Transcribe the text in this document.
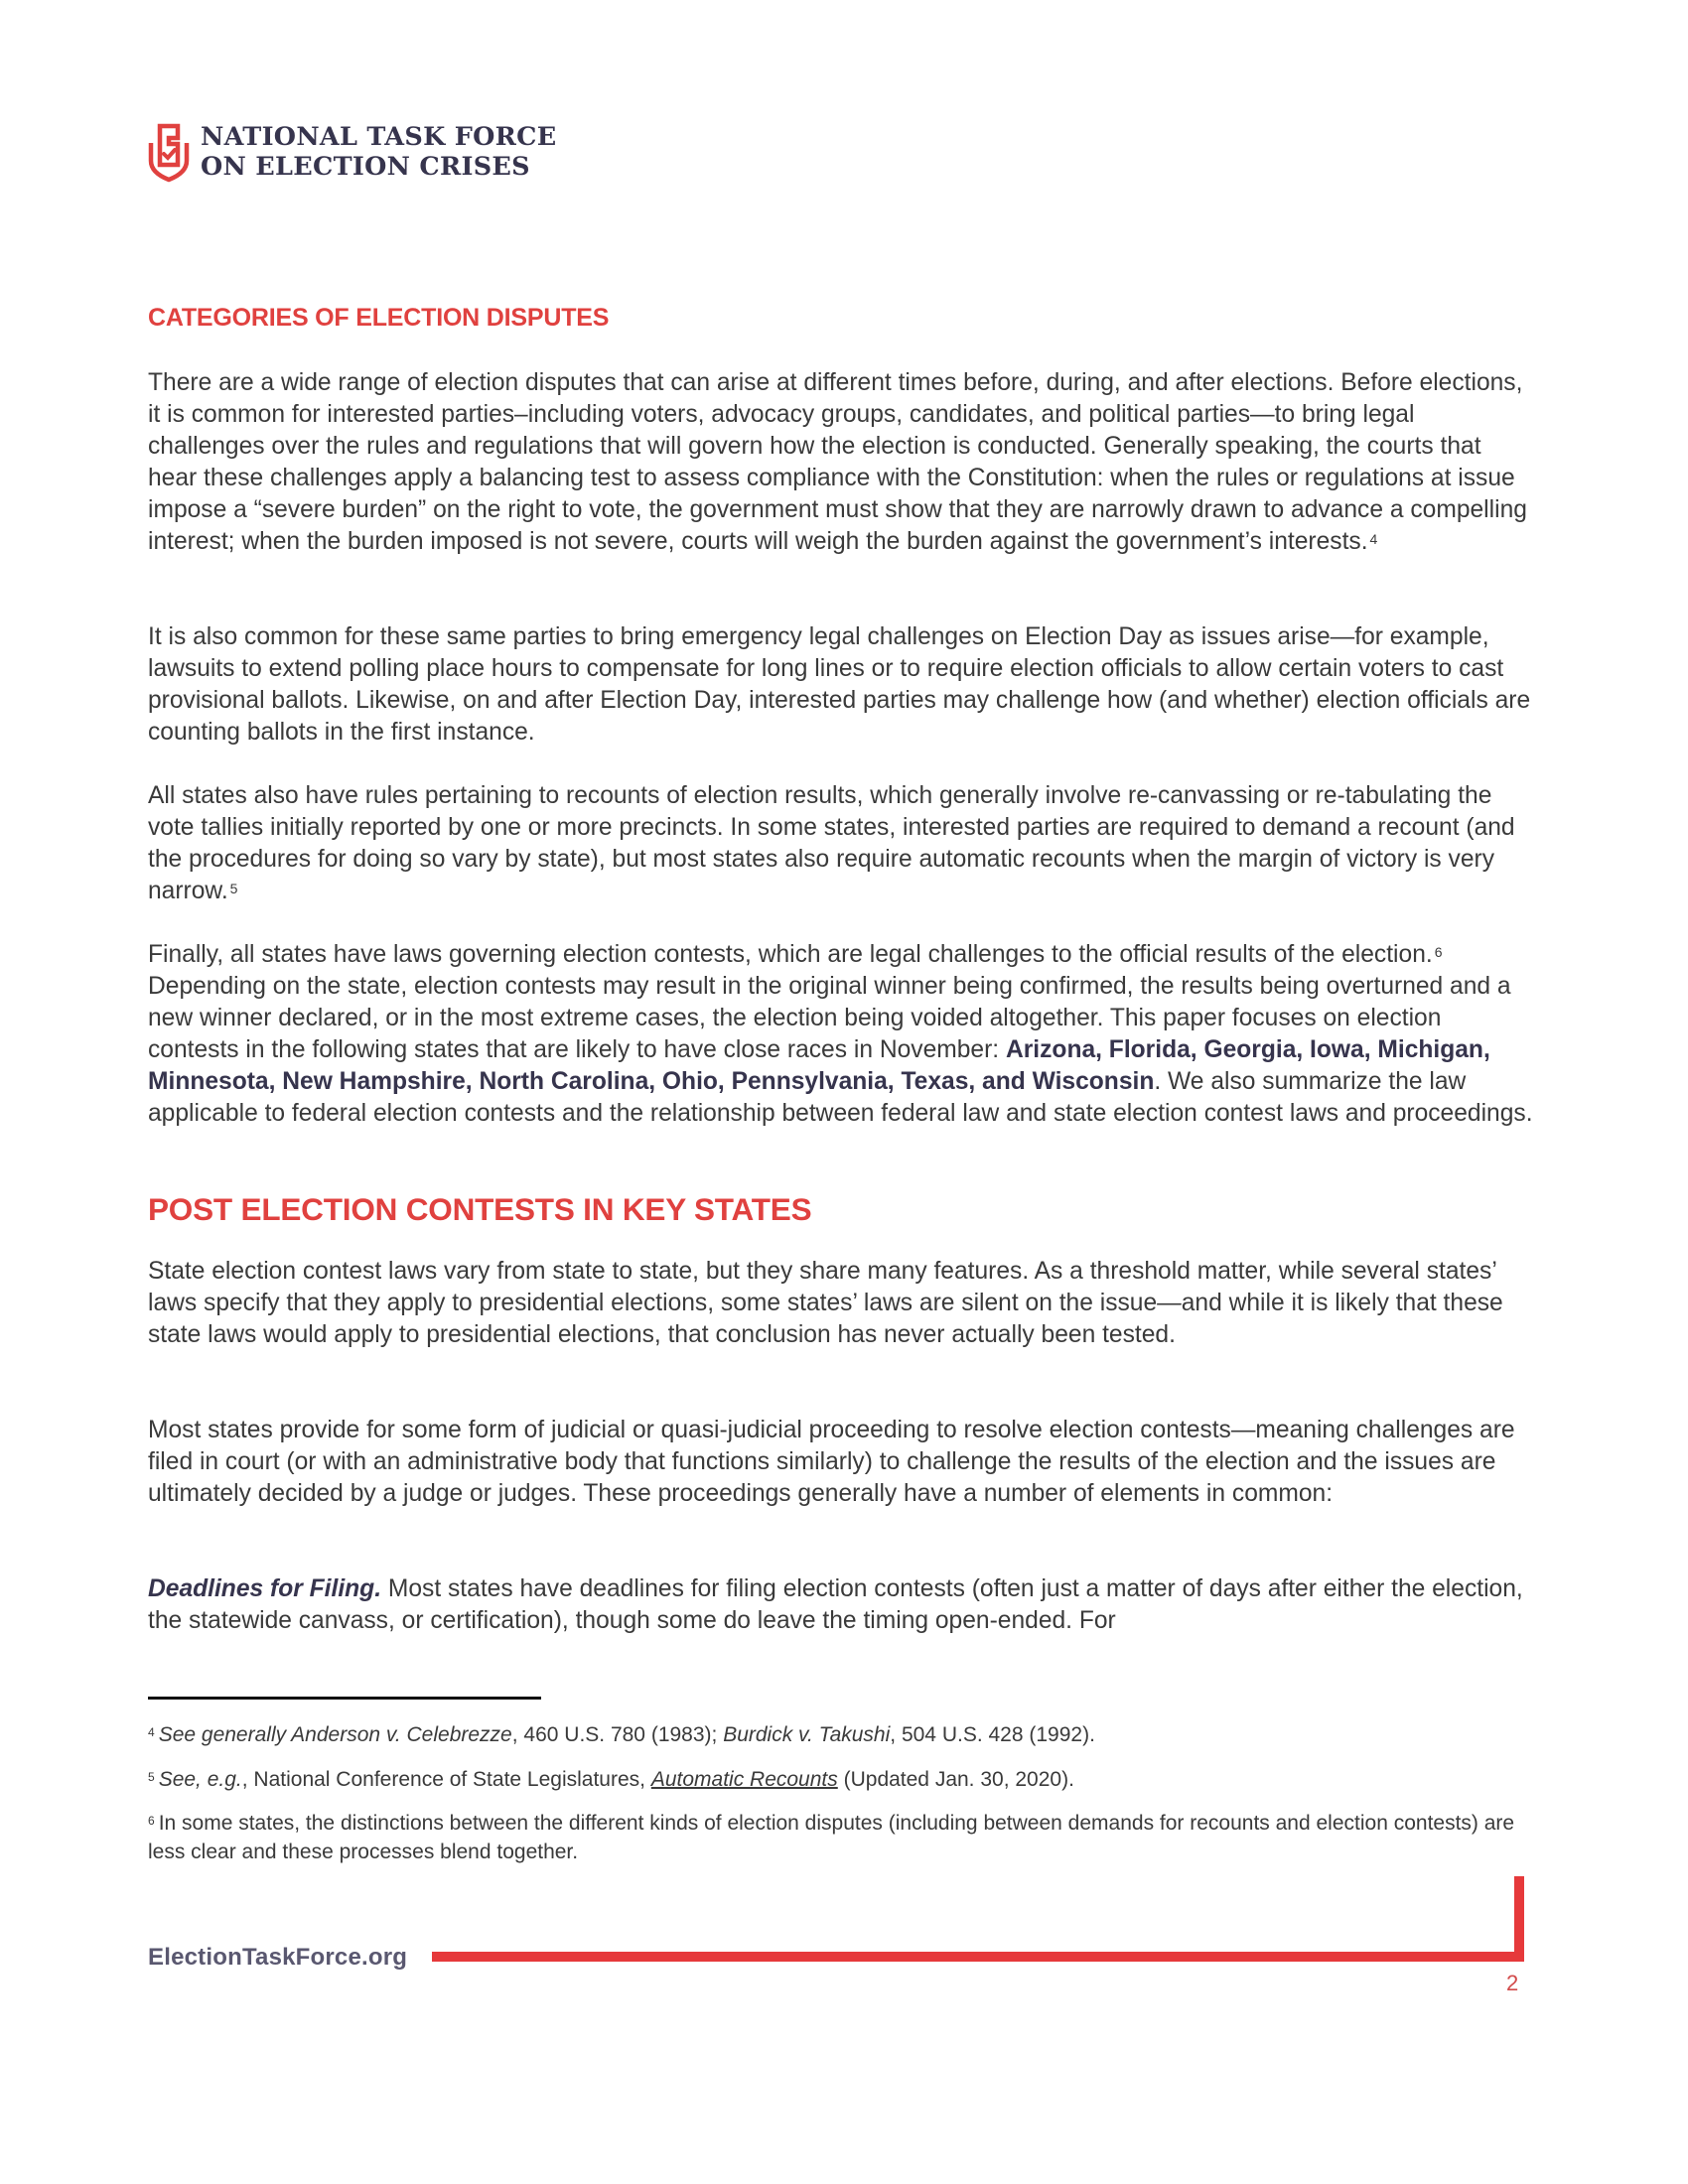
NATIONAL TASK FORCE
ON ELECTION CRISES
CATEGORIES OF ELECTION DISPUTES

There are a wide range of election disputes that can arise at different times before, during, and after elections. Before elections, it is common for interested parties–including voters, advocacy groups, candidates, and political parties—to bring legal challenges over the rules and regulations that will govern how the election is conducted. Generally speaking, the courts that hear these challenges apply a balancing test to assess compliance with the Constitution: when the rules or regulations at issue impose a “severe burden” on the right to vote, the government must show that they are narrowly drawn to advance a compelling interest; when the burden imposed is not severe, courts will weigh the burden against the government’s interests. $^4$

It is also common for these same parties to bring emergency legal challenges on Election Day as issues arise—for example, lawsuits to extend polling place hours to compensate for long lines or to require election officials to allow certain voters to cast provisional ballots. Likewise, on and after Election Day, interested parties may challenge how (and whether) election officials are counting ballots in the first instance.

All states also have rules pertaining to recounts of election results, which generally involve re-canvassing or re-tabulating the vote tallies initially reported by one or more precincts. In some states, interested parties are required to demand a recount (and the procedures for doing so vary by state), but most states also require automatic recounts when the margin of victory is very narrow. $^5$

Finally, all states have laws governing election contests, which are legal challenges to the official results of the election. $^6$ Depending on the state, election contests may result in the original winner being confirmed, the results being overturned and a new winner declared, or in the most extreme cases, the election being voided altogether. This paper focuses on election contests in the following states that are likely to have close races in November: Arizona, Florida, Georgia, Iowa, Michigan, Minnesota, New Hampshire, North Carolina, Ohio, Pennsylvania, Texas, and Wisconsin. We also summarize the law applicable to federal election contests and the relationship between federal law and state election contest laws and proceedings.

POST ELECTION CONTESTS IN KEY STATES

State election contest laws vary from state to state, but they share many features. As a threshold matter, while several states’ laws specify that they apply to presidential elections, some states’ laws are silent on the issue—and while it is likely that these state laws would apply to presidential elections, that conclusion has never actually been tested.

Most states provide for some form of judicial or quasi-judicial proceeding to resolve election contests—meaning challenges are filed in court (or with an administrative body that functions similarly) to challenge the results of the election and the issues are ultimately decided by a judge or judges. These proceedings generally have a number of elements in common:

Deadlines for Filing. Most states have deadlines for filing election contests (often just a matter of days after either the election, the statewide canvass, or certification), though some do leave the timing open-ended. For

$^4$ See generally Anderson v. Celebrezze, 460 U.S. 780 (1983); Burdick v. Takushi, 504 U.S. 428 (1992).

$^5$ See, e.g., National Conference of State Legislatures, Automatic Recounts (Updated Jan. 30, 2020).

$^6$ In some states, the distinctions between the different kinds of election disputes (including between demands for recounts and election contests) are less clear and these processes blend together.

ElectionTaskForce.org
2
